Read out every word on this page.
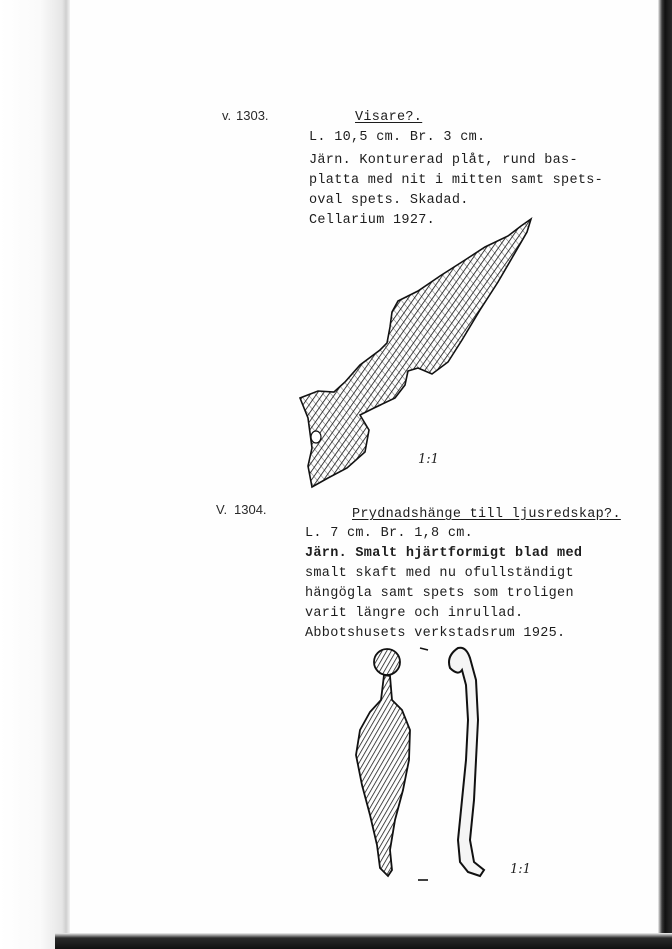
v. 1303.	Visare?.
L. 10,5 cm. Br. 3 cm.
Järn. Konturerad plåt, rund bas-
platta med nit i mitten samt spets-
oval spets. Skadad.
Cellarium 1927.
1:1
V. 1304.	Prydnadshänge till ljusredskap?.
L. 7 cm. Br. 1,8 cm.
Järn. Smalt hjärtformigt blad med
smalt skaft med nu ofullständigt
hängögla samt spets som troligen
varit längre och inrullad.
Abbotshusets verkstadsrum 1925.
1:1
